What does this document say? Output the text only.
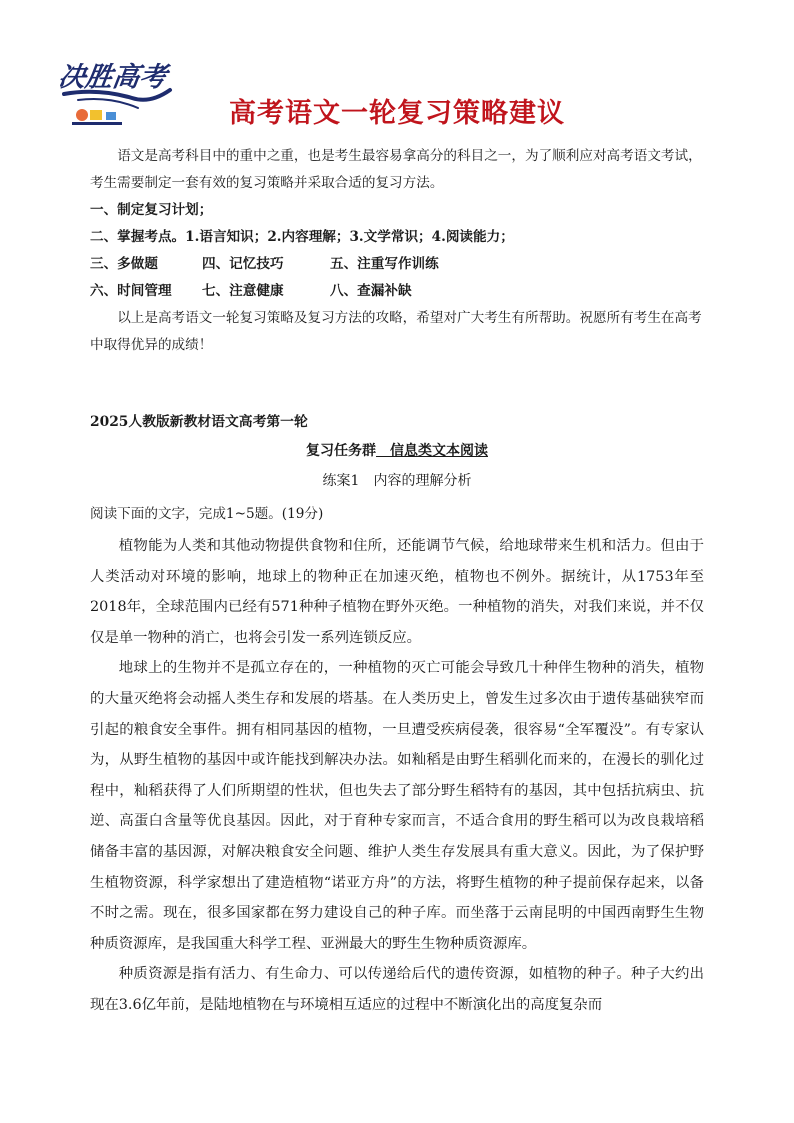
决胜高考
高考语文一轮复习策略建议

语文是高考科目中的重中之重，也是考生最容易拿高分的科目之一，为了顺利应对高考语文考试，考生需要制定一套有效的复习策略并采取合适的复习方法。

一、制定复习计划；

二、掌握考点。1.语言知识；2.内容理解；3.文学常识；4.阅读能力；

三、多做题	四、记忆技巧	五、注重写作训练
六、时间管理	七、注意健康	八、查漏补缺

以上是高考语文一轮复习策略及复习方法的攻略，希望对广大考生有所帮助。祝愿所有考生在高考中取得优异的成绩！

2025人教版新教材语文高考第一轮
复习任务群　 信息类文本阅读
练案1　内容的理解分析
阅读下面的文字，完成1~5题。(19分)

植物能为人类和其他动物提供食物和住所，还能调节气候，给地球带来生机和活力。但由于人类活动对环境的影响，地球上的物种正在加速灭绝，植物也不例外。据统计，从1753年至2018年，全球范围内已经有571种种子植物在野外灭绝。一种植物的消失，对我们来说，并不仅仅是单一物种的消亡，也将会引发一系列连锁反应。

地球上的生物并不是孤立存在的，一种植物的灭亡可能会导致几十种伴生物种的消失，植物的大量灭绝将会动摇人类生存和发展的塔基。在人类历史上，曾发生过多次由于遗传基础狭窄而引起的粮食安全事件。拥有相同基因的植物，一旦遭受疾病侵袭，很容易“全军覆没”。有专家认为，从野生植物的基因中或许能找到解决办法。如籼稻是由野生稻驯化而来的，在漫长的驯化过程中，籼稻获得了人们所期望的性状，但也失去了部分野生稻特有的基因，其中包括抗病虫、抗逆、高蛋白含量等优良基因。因此，对于育种专家而言，不适合食用的野生稻可以为改良栽培稻储备丰富的基因源，对解决粮食安全问题、维护人类生存发展具有重大意义。因此，为了保护野生植物资源，科学家想出了建造植物“诺亚方舟”的方法，将野生植物的种子提前保存起来，以备不时之需。现在，很多国家都在努力建设自己的种子库。而坐落于云南昆明的中国西南野生生物种质资源库，是我国重大科学工程、亚洲最大的野生生物种质资源库。

种质资源是指有活力、有生命力、可以传递给后代的遗传资源，如植物的种子。种子大约出现在3.6亿年前，是陆地植物在与环境相互适应的过程中不断演化出的高度复杂而
